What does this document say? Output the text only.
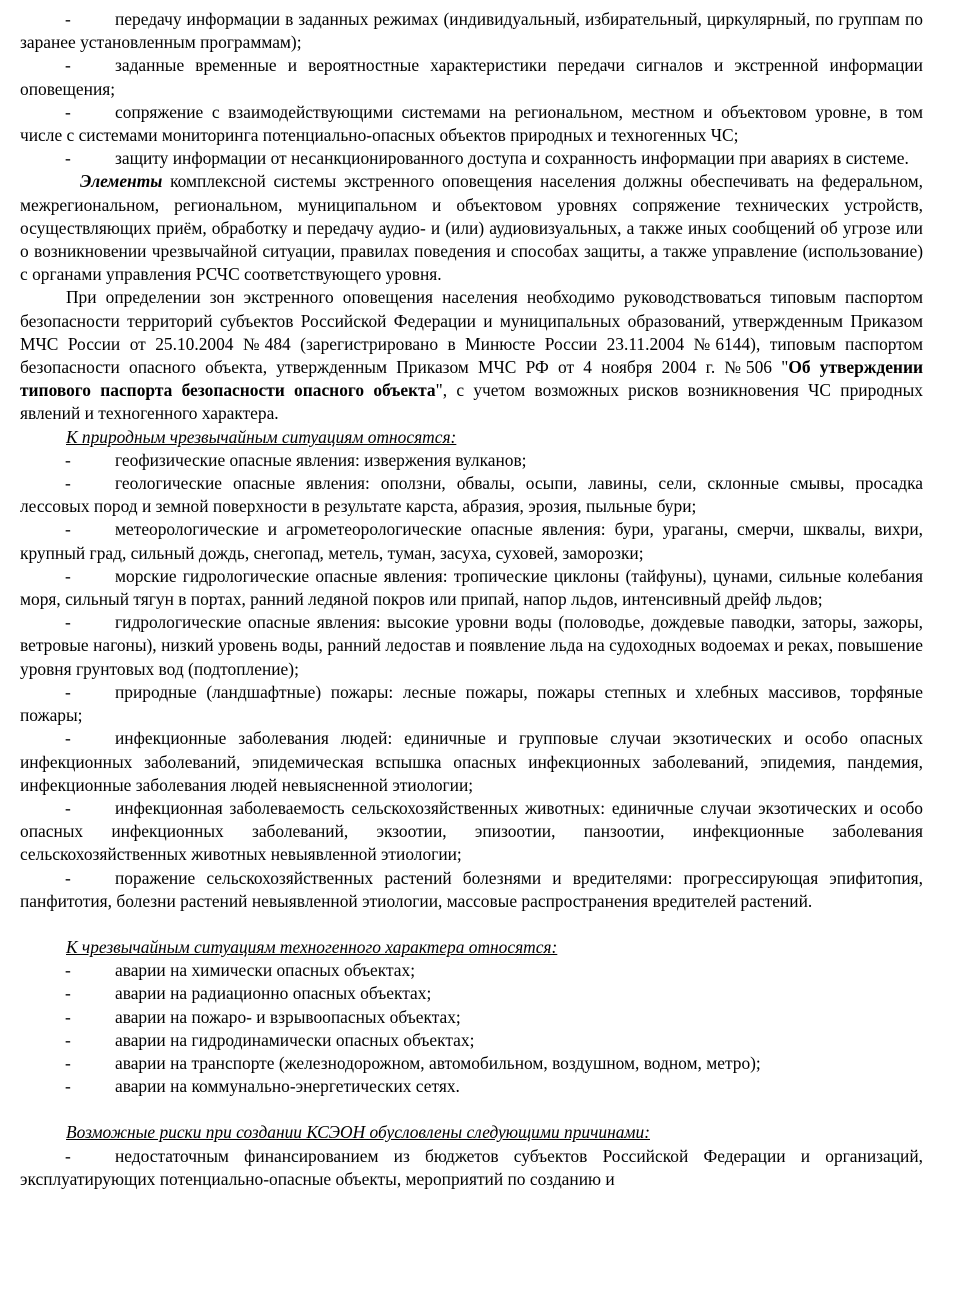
-	передачу информации в заданных режимах (индивидуальный, избирательный, циркулярный, по группам по заранее установленным программам);

-	заданные временные и вероятностные характеристики передачи сигналов и экстренной информации оповещения;

-	сопряжение с взаимодействующими системами на региональном, местном и объектовом уровне, в том числе с системами мониторинга потенциально-опасных объектов природных и техногенных ЧС;

-	защиту информации от несанкционированного доступа и сохранность информации при авариях в системе.

Элементы комплексной системы экстренного оповещения населения должны обеспечивать на федеральном, межрегиональном, региональном, муниципальном и объектовом уровнях сопряжение технических устройств, осуществляющих приём, обработку и передачу аудио- и (или) аудиовизуальных, а также иных сообщений об угрозе или о возникновении чрезвычайной ситуации, правилах поведения и способах защиты, а также управление (использование) с органами управления РСЧС соответствующего уровня.

При определении зон экстренного оповещения населения необходимо руководствоваться типовым паспортом безопасности территорий субъектов Российской Федерации и муниципальных образований, утвержденным Приказом МЧС России от 25.10.2004 №484 (зарегистрировано в Минюсте России 23.11.2004 №6144), типовым паспортом безопасности опасного объекта, утвержденным Приказом МЧС РФ от 4 ноября 2004 г. №506 "Об утверждении типового паспорта безопасности опасного объекта", с учетом возможных рисков возникновения ЧС природных явлений и техногенного характера.

К природным чрезвычайным ситуациям относятся:

-	геофизические опасные явления: извержения вулканов;

-	геологические опасные явления: оползни, обвалы, осыпи, лавины, сели, склонные смывы, просадка лессовых пород и земной поверхности в результате карста, абразия, эрозия, пыльные бури;

-	метеорологические и агрометеорологические опасные явления: бури, ураганы, смерчи, шквалы, вихри, крупный град, сильный дождь, снегопад, метель, туман, засуха, суховей, заморозки;

-	морские гидрологические опасные явления: тропические циклоны (тайфуны), цунами, сильные колебания моря, сильный тягун в портах, ранний ледяной покров или припай, напор льдов, интенсивный дрейф льдов;

-	гидрологические опасные явления: высокие уровни воды (половодье, дождевые паводки, заторы, зажоры, ветровые нагоны), низкий уровень воды, ранний ледостав и появление льда на судоходных водоемах и реках, повышение уровня грунтовых вод (подтопление);

-	природные (ландшафтные) пожары: лесные пожары, пожары степных и хлебных массивов, торфяные пожары;

-	инфекционные заболевания людей: единичные и групповые случаи экзотических и особо опасных инфекционных заболеваний, эпидемическая вспышка опасных инфекционных заболеваний, эпидемия, пандемия, инфекционные заболевания людей невыясненной этиологии;

-	инфекционная заболеваемость сельскохозяйственных животных: единичные случаи экзотических и особо опасных инфекционных заболеваний, экзоотии, эпизоотии, панзоотии, инфекционные заболевания сельскохозяйственных животных невыявленной этиологии;

-	поражение сельскохозяйственных растений болезнями и вредителями: прогрессирующая эпифитопия, панфитотия, болезни растений невыявленной этиологии, массовые распространения вредителей растений.

К чрезвычайным ситуациям техногенного характера относятся:

-	аварии на химически опасных объектах;

-	аварии на радиационно опасных объектах;

-	аварии на пожаро- и взрывоопасных объектах;

-	аварии на гидродинамически опасных объектах;

-	аварии на транспорте (железнодорожном, автомобильном, воздушном, водном, метро);

-	аварии на коммунально-энергетических сетях.

Возможные риски при создании КСЭОН обусловлены следующими причинами:

-	недостаточным финансированием из бюджетов субъектов Российской Федерации и организаций, эксплуатирующих потенциально-опасные объекты, мероприятий по созданию и
